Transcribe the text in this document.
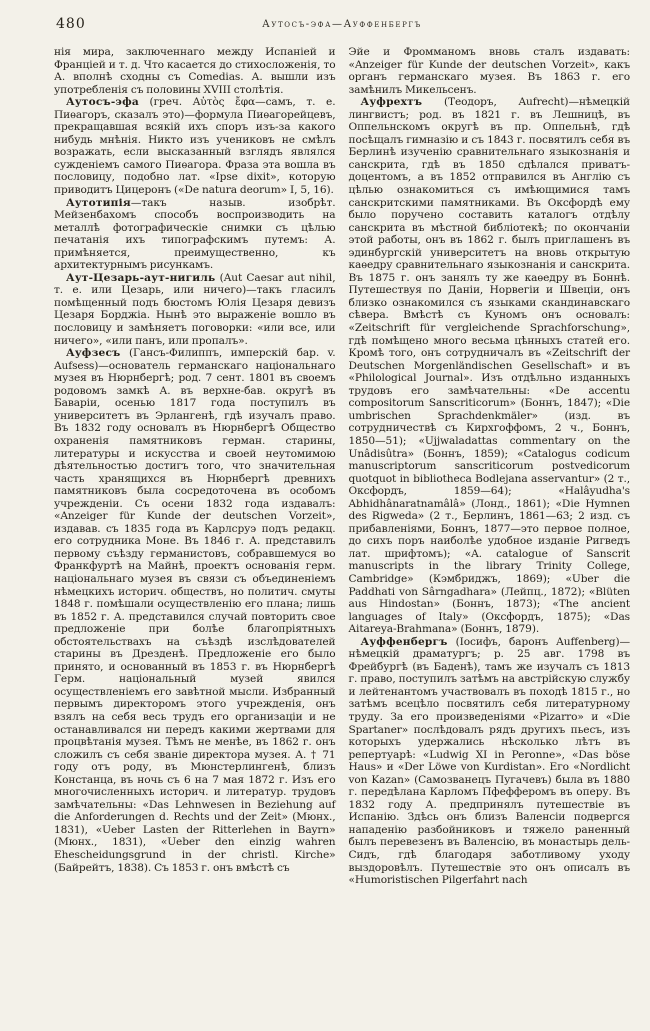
480	Аутосъ-эфа—Ауффенбергъ

нія мира, заключеннаго между Испаніей и Франціей и т. д. Что касается до стихосложенія, то А. вполнѣ сходны съ Comedias. А. вышли изъ употребленія съ половины XVIII столѣтія.

Аутосъ-эфа (греч. Αὐτὸς ἔφα—самъ, т. е. Пиѳагоръ, сказалъ это)—формула Пиѳагорейцевъ, прекращавшая всякій ихъ споръ изъ-за какого нибудь мнѣнія. Никто изъ учениковъ не смѣлъ возражать, если высказанный взглядъ являлся сужденіемъ самого Пиѳагора. Фраза эта вошла въ пословицу, подобно лат. «Ipse dixit», которую приводитъ Цицеронъ («De natura deorum» I, 5, 16).

Аутотипія—такъ назыв. изобрѣт. Мейзенбахомъ способъ воспроизводить на металлѣ фотографическіе снимки съ цѣлью печатанія ихъ типографскимъ путемъ: А. примѣняется, преимущественно, къ архитектурнымъ рисункамъ.

Аут-Цезарь-аут-нигиль (Aut Caesar aut nihil, т. е. или Цезарь, или ничего)—такъ гласилъ помѣщенный подъ бюстомъ Юлія Цезаря девизъ Цезаря Борджіа. Нынѣ это выраженіе вошло въ пословицу и замѣняетъ поговорки: «или все, или ничего», «или панъ, или пропалъ».

Ауфзесъ (Гансъ-Филиппъ, имперскій бар. v. Aufsess)—основатель германскаго національнаго музея въ Нюрнбергѣ; род. 7 сент. 1801 въ своемъ родовомъ замкѣ А. въ верхне-бав. округѣ въ Баваріи, осенью 1817 года поступилъ въ университетъ въ Эрлангенѣ, гдѣ изучалъ право. Въ 1832 году основалъ въ Нюрнбергѣ Общество охраненія памятниковъ герман. старины, литературы и искусства и своей неутомимою дѣятельностью достигъ того, что значительная часть хранящихся въ Нюрнбергѣ древнихъ памятниковъ была сосредоточена въ особомъ учрежденіи. Съ осени 1832 года издавалъ: «Anzeiger für Kunde der deutschen Vorzeit», издавав. съ 1835 года въ Карлсруэ подъ редакц. его сотрудника Моне. Въ 1846 г. А. представилъ первому съѣзду германистовъ, собравшемуся во Франкфуртѣ на Майнѣ, проектъ основанія герм. національнаго музея въ связи съ объединеніемъ нѣмецкихъ историч. обществъ, но политич. смуты 1848 г. помѣшали осуществленію его плана; лишь въ 1852 г. А. представился случай повторить свое предложеніе при болѣе благопріятныхъ обстоятельствахъ на съѣздѣ изслѣдователей старины въ Дрезденѣ. Предложеніе его было принято, и основанный въ 1853 г. въ Нюрнбергѣ Герм. національный музей явился осуществленіемъ его завѣтной мысли. Избранный первымъ директоромъ этого учрежденія, онъ взялъ на себя весь трудъ его организаціи и не останавливался ни передъ какими жертвами для процвѣтанія музея. Тѣмъ не менѣе, въ 1862 г. онъ сложилъ съ себя званіе директора музея. А. † 71 году отъ роду, въ Мюнстерлингенѣ, близъ Констанца, въ ночь съ 6 на 7 мая 1872 г. Изъ его многочисленныхъ историч. и литератур. трудовъ замѣчательны: «Das Lehnwesen in Beziehung auf die Anforderungen d. Rechts und der Zeit» (Мюнх., 1831), «Ueber Lasten der Ritterlehen in Bayrn» (Мюнх., 1831), «Ueber den einzig wahren Ehescheidungsgrund in der christl. Kirche» (Байрейтъ, 1838). Съ 1853 г. онъ вмѣстѣ съ

Эйе и Фромманомъ вновь сталъ издавать: «Anzeiger für Kunde der deutschen Vorzeit», какъ органъ германскаго музея. Въ 1863 г. его замѣнилъ Микельсенъ.

Ауфрехтъ (Теодоръ, Aufrecht)—нѣмецкій лингвистъ; род. въ 1821 г. въ Лешницѣ, въ Оппельнскомъ округѣ въ пр. Оппельнѣ, гдѣ посѣщалъ гимназію и съ 1843 г. посвятилъ себя въ Берлинѣ изученію сравнительнаго языкознанія и санскрита, гдѣ въ 1850 сдѣлался приватъ-доцентомъ, а въ 1852 отправился въ Англію съ цѣлью ознакомиться съ имѣющимися тамъ санскритскими памятниками. Въ Оксфордѣ ему было поручено составить каталогъ отдѣлу санскрита въ мѣстной библіотекѣ; по окончаніи этой работы, онъ въ 1862 г. былъ приглашенъ въ эдинбургскій университетъ на вновь открытую каѳедру сравнительнаго языкознанія и санскрита. Въ 1875 г. онъ занялъ ту же каѳедру въ Боннѣ. Путешествуя по Даніи, Норвегіи и Швеціи, онъ близко ознакомился съ языками скандинавскаго сѣвера. Вмѣстѣ съ Куномъ онъ основалъ: «Zeitschrift für vergleichende Sprachforschung», гдѣ помѣщено много весьма цѣнныхъ статей его. Кромѣ того, онъ сотрудничалъ въ «Zeitschrift der Deutschen Morgenländischen Gesellschaft» и въ «Philological Journal». Изъ отдѣльно изданныхъ трудовъ его замѣчательны: «De accentu compositorum Sanscriticorum» (Боннъ, 1847); «Die umbrischen Sprachdenkmäler» (изд. въ сотрудничествѣ съ Кирхгоффомъ, 2 ч., Боннъ, 1850—51); «Ujjwaladattas commentary on the Unâdisûtra» (Боннъ, 1859); «Catalogus codicum manuscriptorum sanscriticorum postvedicorum quotquot in bibliotheca Bodlejana asservantur» (2 т., Оксфордъ, 1859—64); «Halâyudha's Abhidhânaratnamâlâ» (Лонд., 1861); «Die Hymnen des Rigweda» (2 т., Берлинъ, 1861—63; 2 изд. съ прибавленіями, Боннъ, 1877—это первое полное, до сихъ поръ наиболѣе удобное изданіе Ригведъ лат. шрифтомъ); «A. catalogue of Sanscrit manuscripts in the library Trinity College, Cambridge» (Кэмбриджъ, 1869); «Uber die Paddhati von Sârngadhara» (Лейпц., 1872); «Blüten aus Hindostan» (Боннъ, 1873); «The ancient languages of Italy» (Оксфордъ, 1875); «Das Aitareya-Brahmana» (Боннъ, 1879).

Ауффенбергъ (Іосифъ, баронъ Auffenberg)—нѣмецкій драматургъ; р. 25 авг. 1798 въ Фрейбургѣ (въ Баденѣ), тамъ же изучалъ съ 1813 г. право, поступилъ затѣмъ на австрійскую службу и лейтенантомъ участвовалъ въ походѣ 1815 г., но затѣмъ всецѣло посвятилъ себя литературному труду. За его произведеніями «Pizarro» и «Die Spartaner» послѣдовалъ рядъ другихъ пьесъ, изъ которыхъ удержались нѣсколько лѣтъ въ репертуарѣ: «Ludwig XI in Peronne», «Das böse Haus» и «Der Löwe von Kurdistan». Его «Nordlicht von Kazan» (Самозванецъ Пугачевъ) была въ 1880 г. передѣлана Карломъ Пфефферомъ въ оперу. Въ 1832 году А. предпринялъ путешествіе въ Испанію. Здѣсь онъ близъ Валенсіи подвергся нападенію разбойниковъ и тяжело раненный былъ перевезенъ въ Валенсію, въ монастырь дель-Сидъ, гдѣ благодаря заботливому уходу выздоровѣлъ. Путешествіе это онъ описалъ въ «Humoristischen Pilgerfahrt nach
